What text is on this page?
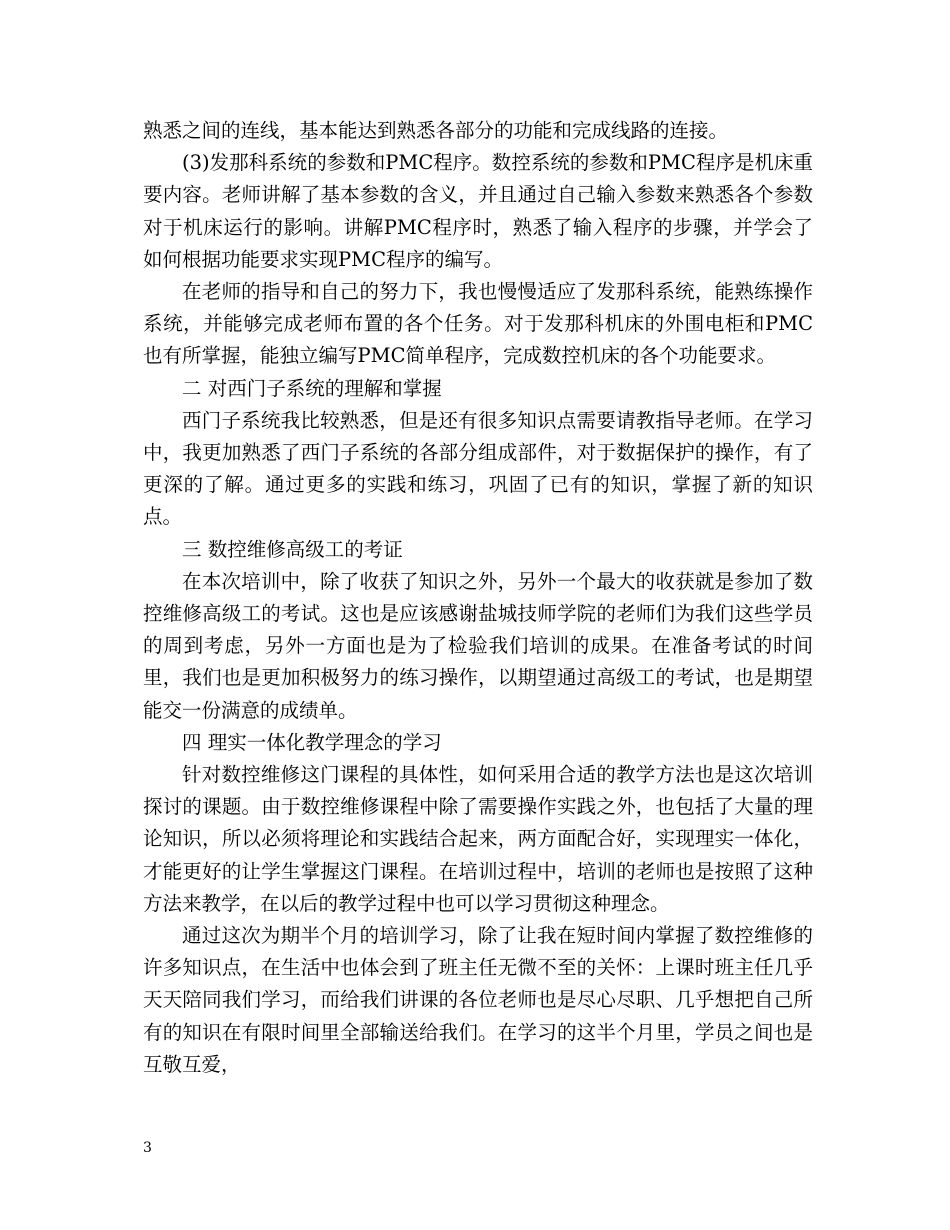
熟悉之间的连线，基本能达到熟悉各部分的功能和完成线路的连接。

(3)发那科系统的参数和PMC程序。数控系统的参数和PMC程序是机床重要内容。老师讲解了基本参数的含义，并且通过自己输入参数来熟悉各个参数对于机床运行的影响。讲解PMC程序时，熟悉了输入程序的步骤，并学会了如何根据功能要求实现PMC程序的编写。

在老师的指导和自己的努力下，我也慢慢适应了发那科系统，能熟练操作系统，并能够完成老师布置的各个任务。对于发那科机床的外围电柜和PMC也有所掌握，能独立编写PMC简单程序，完成数控机床的各个功能要求。

二 对西门子系统的理解和掌握

西门子系统我比较熟悉，但是还有很多知识点需要请教指导老师。在学习中，我更加熟悉了西门子系统的各部分组成部件，对于数据保护的操作，有了更深的了解。通过更多的实践和练习，巩固了已有的知识，掌握了新的知识点。

三 数控维修高级工的考证

在本次培训中，除了收获了知识之外，另外一个最大的收获就是参加了数控维修高级工的考试。这也是应该感谢盐城技师学院的老师们为我们这些学员的周到考虑，另外一方面也是为了检验我们培训的成果。在准备考试的时间里，我们也是更加积极努力的练习操作，以期望通过高级工的考试，也是期望能交一份满意的成绩单。

四 理实一体化教学理念的学习

针对数控维修这门课程的具体性，如何采用合适的教学方法也是这次培训探讨的课题。由于数控维修课程中除了需要操作实践之外，也包括了大量的理论知识，所以必须将理论和实践结合起来，两方面配合好，实现理实一体化，才能更好的让学生掌握这门课程。在培训过程中，培训的老师也是按照了这种方法来教学，在以后的教学过程中也可以学习贯彻这种理念。

通过这次为期半个月的培训学习，除了让我在短时间内掌握了数控维修的许多知识点，在生活中也体会到了班主任无微不至的关怀：上课时班主任几乎天天陪同我们学习，而给我们讲课的各位老师也是尽心尽职、几乎想把自己所有的知识在有限时间里全部输送给我们。在学习的这半个月里，学员之间也是互敬互爱，

3
